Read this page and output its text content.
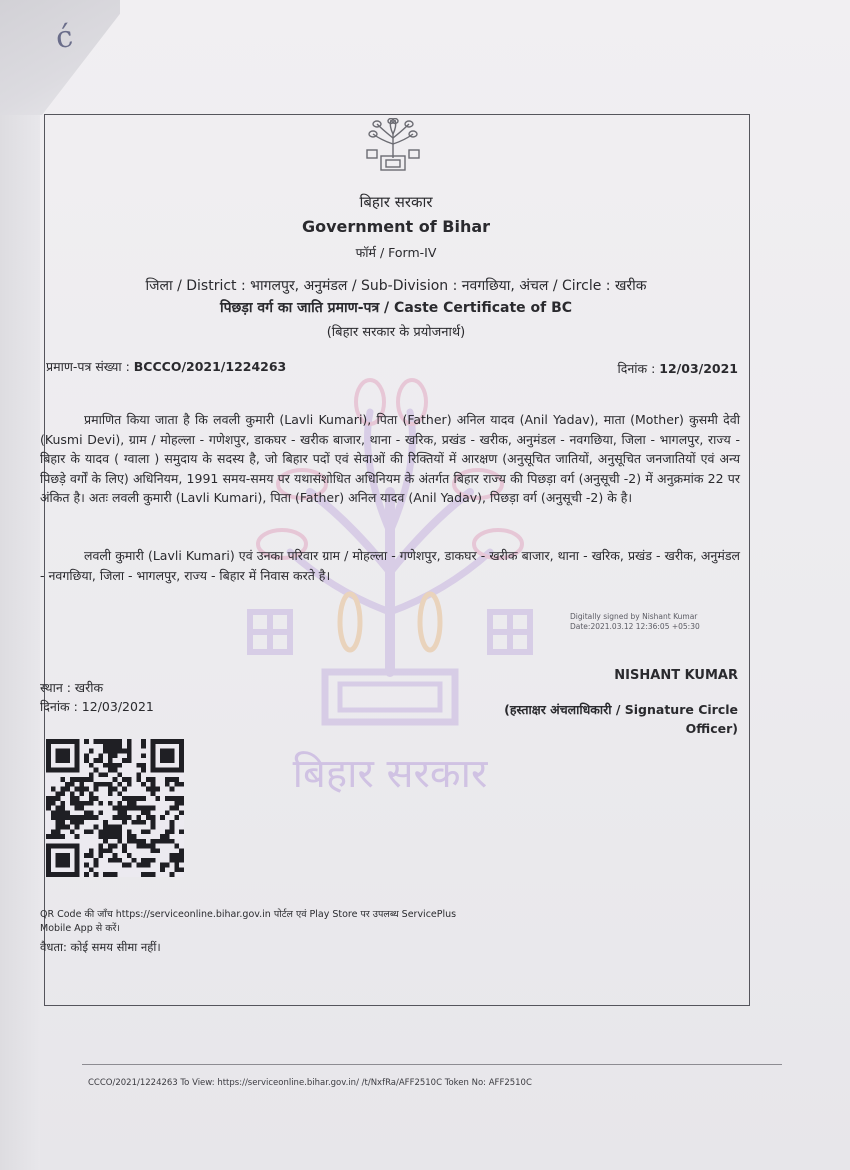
ć
बिहार सरकार
Government of Bihar
फॉर्म / Form-IV
जिला / District : भागलपुर, अनुमंडल / Sub-Division : नवगछिया, अंचल / Circle : खरीक
पिछड़ा वर्ग का जाति प्रमाण-पत्र / Caste Certificate of BC
(बिहार सरकार के प्रयोजनार्थ)
प्रमाण-पत्र संख्या : BCCCO/2021/1224263	दिनांक : 12/03/2021
बिहार सरकार
प्रमाणित किया जाता है कि लवली कुमारी (Lavli Kumari), पिता (Father) अनिल यादव (Anil Yadav), माता (Mother) कुसमी देवी (Kusmi Devi), ग्राम / मोहल्ला - गणेशपुर, डाकघर - खरीक बाजार, थाना - खरिक, प्रखंड - खरीक, अनुमंडल - नवगछिया, जिला - भागलपुर, राज्य - बिहार के यादव ( ग्वाला ) समुदाय के सदस्य है, जो बिहार पदों एवं सेवाओं की रिक्तियों में आरक्षण (अनुसूचित जातियों, अनुसूचित जनजातियों एवं अन्य पिछड़े वर्गों के लिए) अधिनियम, 1991 समय-समय पर यथासंशोधित अधिनियम के अंतर्गत बिहार राज्य की पिछड़ा वर्ग (अनुसूची -2) में अनुक्रमांक 22 पर अंकित है। अतः लवली कुमारी (Lavli Kumari), पिता (Father) अनिल यादव (Anil Yadav), पिछड़ा वर्ग (अनुसूची -2) के है।
लवली कुमारी (Lavli Kumari) एवं उनका परिवार ग्राम / मोहल्ला - गणेशपुर, डाकघर - खरीक बाजार, थाना - खरिक, प्रखंड - खरीक, अनुमंडल - नवगछिया, जिला - भागलपुर, राज्य - बिहार में निवास करते है।
Digitally signed by Nishant Kumar
Date:2021.03.12 12:36:05 +05:30
NISHANT KUMAR
(हस्ताक्षर अंचलाधिकारी / Signature Circle Officer)
स्थान : खरीक
दिनांक : 12/03/2021
QR Code की जाँच https://serviceonline.bihar.gov.in पोर्टल एवं Play Store पर उपलब्ध ServicePlus Mobile App से करें।
वैधता: कोई समय सीमा नहीं।
CCCO/2021/1224263 To View: https://serviceonline.bihar.gov.in/ /t/NxfRa/AFF2510C Token No: AFF2510C
